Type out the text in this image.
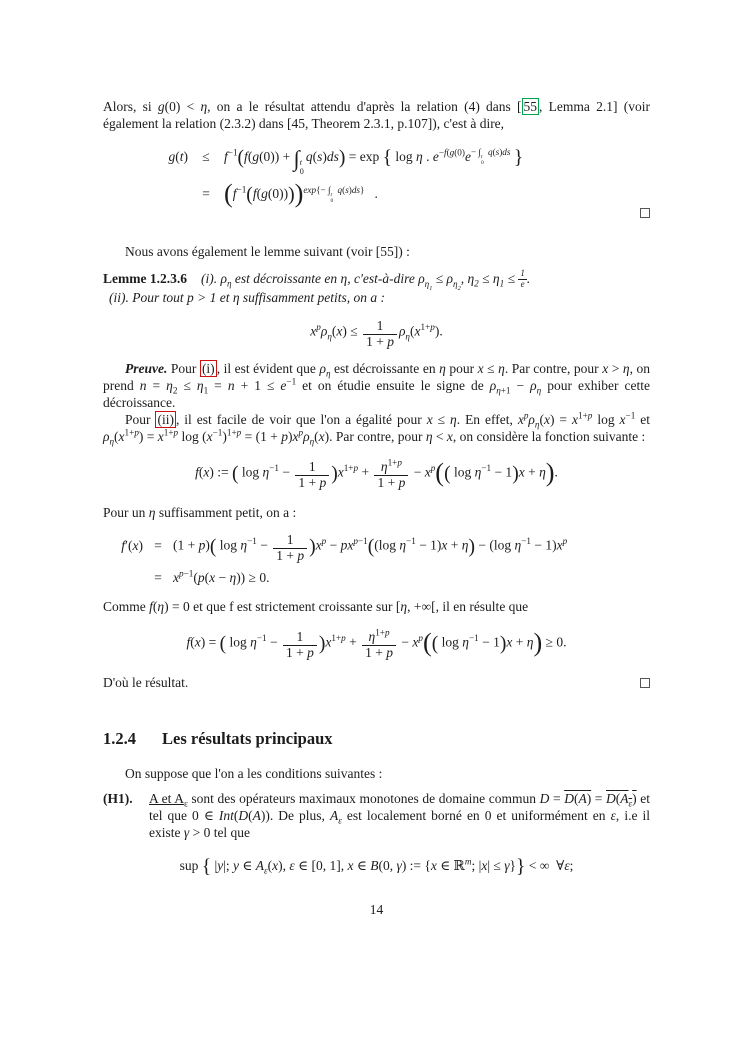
Alors, si g(0) < η, on a le résultat attendu d'après la relation (4) dans [ 55 , Lemma 2.1] (voir également la relation (2.3.2) dans [45, Theorem 2.3.1, p.107]), c'est à dire,

g(t)	≤	$f^{-1}(f(g(0))$ + ∫ t
0
q(s)ds) = exp { log η . $e^{-f(g(0)}e^{- \int t 0 q(s)ds}$ }
= $(f^{-1}(f(g(0))))^{exp\{- \int t 0 q(s)ds\}}$   .

Nous avons également le lemme suivant (voir [55]) :

Lemme 1.2.3.6 (i). $\rho_\eta$ est décroissante en η, c'est-à-dire $\rho_{\eta_1} \le \rho_{\eta_2}$, $\eta_2 \le \eta_1 \le \frac{1}{e}$ .

(ii). Pour tout p > 1 et η suffisamment petits, on a :

$x^p\rho_\eta(x) \le \frac{1}{1 + p} \rho_\eta(x^{1+p})$.

Preuve. Pour (i) , il est évident que $\rho_\eta$ est décroissante en η pour x ≤ η. Par contre, pour x > η, on prend $n = \eta_2 \le \eta_1 = n + 1 \le e^{-1}$ et on étudie ensuite le signe de $\rho_{\eta+1} - \rho_\eta$ pour exhiber cette décroissance.

Pour (ii) , il est facile de voir que l'on a égalité pour x ≤ η. En effet, $x^p\rho_\eta(x) = x^{1+p}$ $\log x^{-1}$ et $\rho_\eta(x^{1+p}) = x^{1+p}$ $\log (x^{-1})^{1+p} = (1 + p)x^p\rho_\eta(x)$. Par contre, pour η < x, on considère la fonction suivante :

f(x) := ( $\log \eta^{-1} - \frac{1}{1 + p} )x^{1+p} + \frac{\eta^{1+p}}{1 + p} - x^p$(( $\log \eta^{-1} - 1)x + \eta$).

Pour un η suffisamment petit, on a :

f′(x) = (1 + p)( $\log \eta^{-1} - \frac{1}{1 + p} )x^p - px^{p-1}((\log$ $\eta^{-1} - 1)x + \eta) - (\log$ $\eta^{-1} - 1)x^p$
= $x^{p-1}(p(x - \eta)) \ge 0$.

Comme f(η) = 0 et que f est strictement croissante sur [η, +∞[, il en résulte que

f(x) = ( $\log \eta^{-1} - \frac{1}{1 + p} )x^{1+p} + \frac{\eta^{1+p}}{1 + p} - x^p$(( $\log \eta^{-1} - 1)x + \eta) \ge 0$.
D'où le résultat.
1.2.4 Les résultats principaux

On suppose que l'on a les conditions suivantes :

(H1).	A et $A_\varepsilon$ sont des opérateurs maximaux monotones de domaine commun $D = D(A) = D(A_\varepsilon)$ et tel que 0 ∈ Int(D(A)). De plus, $A_\varepsilon$ est localement borné en 0 et uniformément en ε, i.e il existe γ > 0 tel que

sup { |y|; y ∈ $A_\varepsilon(x)$, ε ∈ [0, 1], x ∈ B(0, γ) := {x ∈ ℝ$^m$; |x| ≤ γ}} < ∞  ∀ε;
14
